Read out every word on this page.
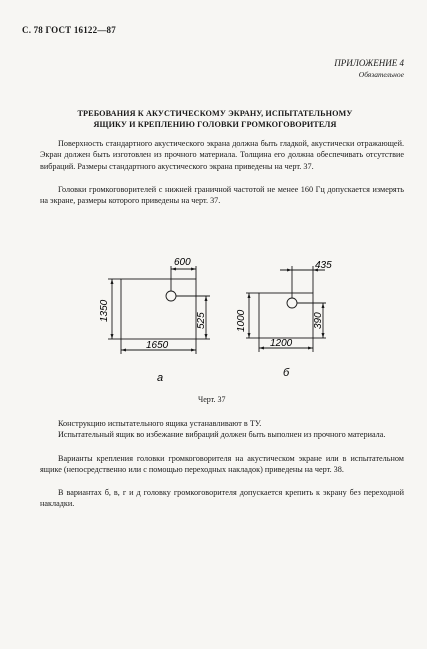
С. 78 ГОСТ 16122—87
ПРИЛОЖЕНИЕ 4
Обязательное
ТРЕБОВАНИЯ К АКУСТИЧЕСКОМУ ЭКРАНУ, ИСПЫТАТЕЛЬНОМУ
ЯЩИКУ И КРЕПЛЕНИЮ ГОЛОВКИ ГРОМКОГОВОРИТЕЛЯ

Поверхность стандартного акустического экрана должна быть гладкой, акустически отражающей. Экран должен быть изготовлен из прочного материала. Толщина его должна обеспечивать отсутствие вибраций. Размеры стандартного акустического экрана приведены на черт. 37.

Головки громкоговорителей с нижней граничной частотой не менее 160 Гц допускается измерять на экране, размеры которого приведены на черт. 37.

600
1350	525
1650
435
1000	390
1200
а	б
Черт. 37

Конструкцию испытательного ящика устанавливают в ТУ.

Испытательный ящик во избежание вибраций должен быть выполнен из прочного материала.

Варианты крепления головки громкоговорителя на акустическом экране или в испытательном ящике (непосредственно или с помощью переходных накладок) приведены на черт. 38.

В вариантах б, в, г и д головку громкоговорителя допускается крепить к экрану без переходной накладки.
